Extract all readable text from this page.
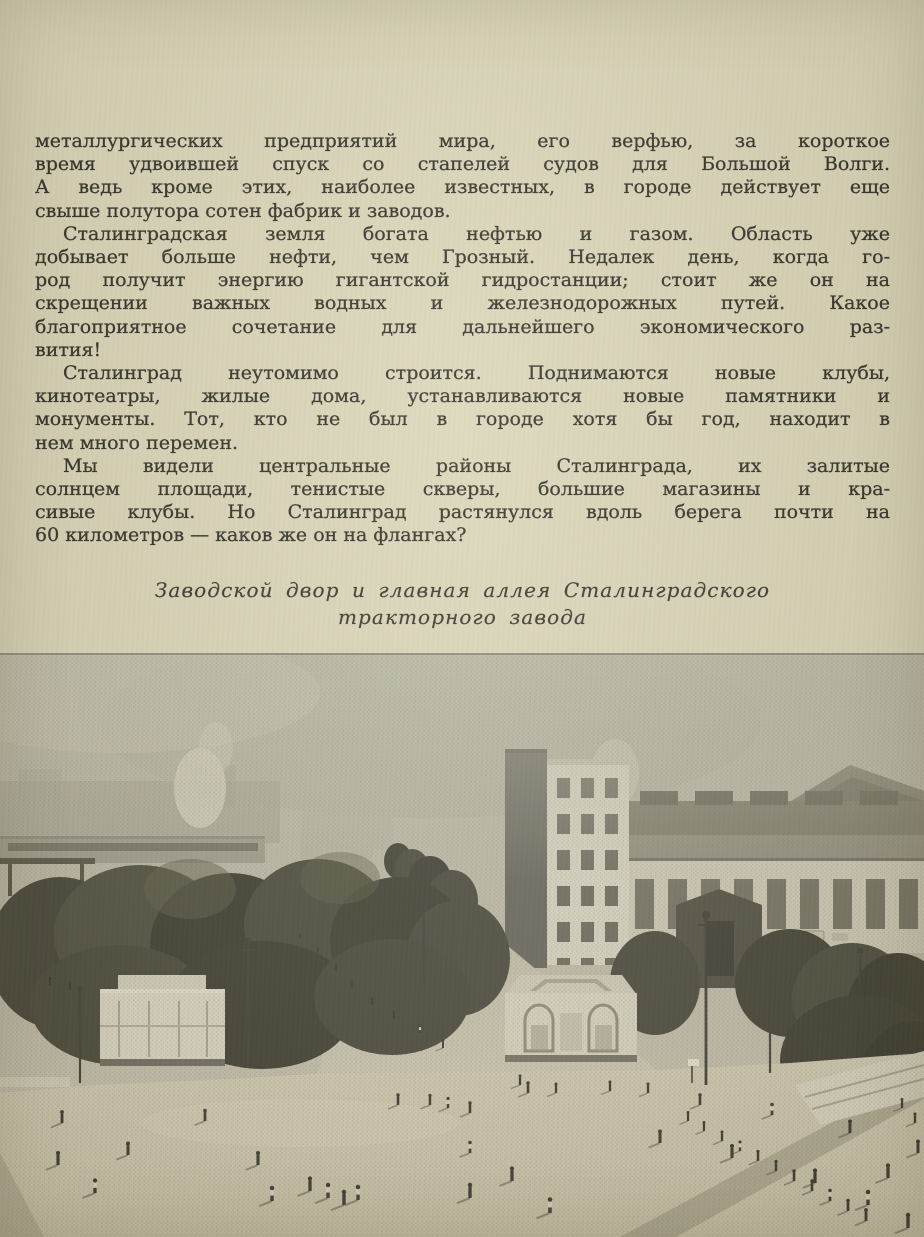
металлургических предприятий мира, его верфью, за короткое
время удвоившей спуск со стапелей судов для Большой Волги.
А ведь кроме этих, наиболее известных, в городе действует еще
свыше полутора сотен фабрик и заводов.
Сталинградская земля богата нефтью и газом. Область уже
добывает больше нефти, чем Грозный. Недалек день, когда го-
род получит энергию гигантской гидростанции; стоит же он на
скрещении важных водных и железнодорожных путей. Какое
благоприятное сочетание для дальнейшего экономического раз-
вития!
Сталинград неутомимо строится. Поднимаются новые клубы,
кинотеатры, жилые дома, устанавливаются новые памятники и
монументы. Тот, кто не был в городе хотя бы год, находит в
нем много перемен.
Мы видели центральные районы Сталинграда, их залитые
солнцем площади, тенистые скверы, большие магазины и кра-
сивые клубы. Но Сталинград растянулся вдоль берега почти на
60 километров — каков же он на флангах?
Заводской двор и главная аллея Сталинградского
тракторного завода
